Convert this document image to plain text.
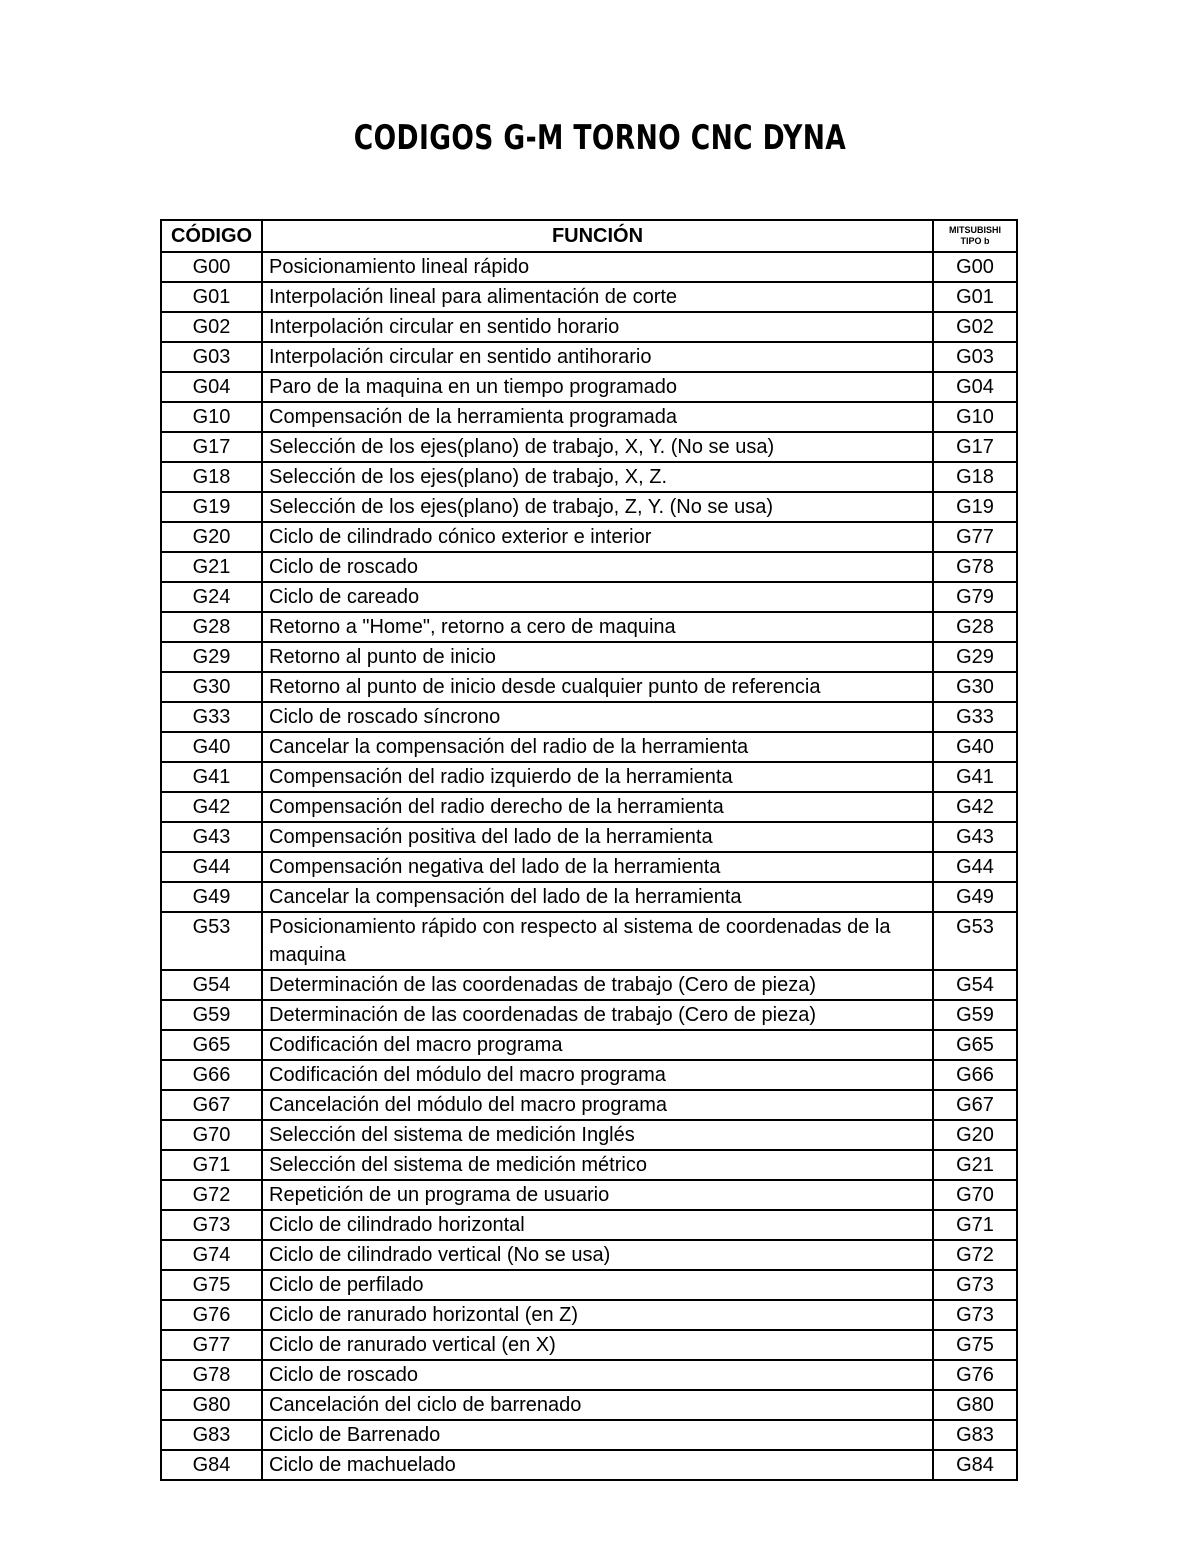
CODIGOS G-M TORNO CNC DYNA
CÓDIGO	FUNCIÓN	MITSUBISHI
TIPO b

G00	Posicionamiento lineal rápido	G00
G01	Interpolación lineal para alimentación de corte	G01
G02	Interpolación circular en sentido horario	G02
G03	Interpolación circular en sentido antihorario	G03
G04	Paro de la maquina en un tiempo programado	G04
G10	Compensación de la herramienta programada	G10
G17	Selección de los ejes(plano) de trabajo, X, Y. (No se usa)	G17
G18	Selección de los ejes(plano) de trabajo, X, Z.	G18
G19	Selección de los ejes(plano) de trabajo, Z, Y. (No se usa)	G19
G20	Ciclo de cilindrado cónico exterior e interior	G77
G21	Ciclo de roscado	G78
G24	Ciclo de careado	G79
G28	Retorno a "Home", retorno a cero de maquina	G28
G29	Retorno al punto de inicio	G29
G30	Retorno al punto de inicio desde cualquier punto de referencia	G30
G33	Ciclo de roscado síncrono	G33
G40	Cancelar la compensación del radio de la herramienta	G40
G41	Compensación del radio izquierdo de la herramienta	G41
G42	Compensación del radio derecho de la herramienta	G42
G43	Compensación positiva del lado de la herramienta	G43
G44	Compensación negativa del lado de la herramienta	G44
G49	Cancelar la compensación del lado de la herramienta	G49
G53	Posicionamiento rápido con respecto al sistema de coordenadas de la maquina	G53
G54	Determinación de las coordenadas de trabajo (Cero de pieza)	G54
G59	Determinación de las coordenadas de trabajo (Cero de pieza)	G59
G65	Codificación del macro programa	G65
G66	Codificación del módulo del macro programa	G66
G67	Cancelación del módulo del macro programa	G67
G70	Selección del sistema de medición Inglés	G20
G71	Selección del sistema de medición métrico	G21
G72	Repetición de un programa de usuario	G70
G73	Ciclo de cilindrado horizontal	G71
G74	Ciclo de cilindrado vertical (No se usa)	G72
G75	Ciclo de perfilado	G73
G76	Ciclo de ranurado horizontal (en Z)	G73
G77	Ciclo de ranurado vertical (en X)	G75
G78	Ciclo de roscado	G76
G80	Cancelación del ciclo de barrenado	G80
G83	Ciclo de Barrenado	G83
G84	Ciclo de machuelado	G84
